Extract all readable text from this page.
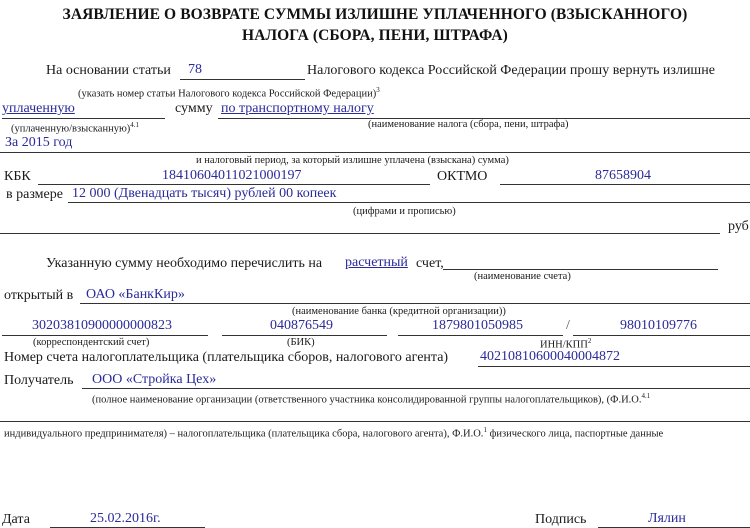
ЗАЯВЛЕНИЕ О ВОЗВРАТЕ СУММЫ ИЗЛИШНЕ УПЛАЧЕННОГО (ВЗЫСКАННОГО)
НАЛОГА (СБОРА, ПЕНИ, ШТРАФА)
На основании статьи 78	Налогового кодекса Российской Федерации прошу вернуть излишне
(указать номер статьи Налогового кодекса Российской Федерации)$^3$
уплаченную	сумму по транспортному налогу
(уплаченную/взысканную)$^{4.1}$	(наименование налога (сбора, пени, штрафа)
За 2015 год
и налоговый период, за который излишне уплачена (взыскана) сумма)
КБК	18410604011021000197	ОКТМО	87658904
в размере 12 000 (Двенадцать тысяч) рублей 00 копеек
(цифрами и прописью)
руб
Указанную сумму необходимо перечислить на расчетный счет,
(наименование счета)
открытый в ОАО «БанкКир»
(наименование банка (кредитной организации))
30203810900000000823
(корреспондентский счет)
040876549
(БИК)
1879801050985	/	98010109776
ИНН/КПП$^2$
Номер счета налогоплательщика (плательщика сборов, налогового агента) 40210810600040004872
Получатель ООО «Стройка Цех»
(полное наименование организации (ответственного участника консолидированной группы налогоплательщиков), (Ф.И.О.$^{4.1}$
индивидуального предпринимателя) – налогоплательщика (плательщика сбора, налогового агента), Ф.И.О.$^1$ физического лица, паспортные данные
Дата	25.02.2016г.	Подпись	Лялин
